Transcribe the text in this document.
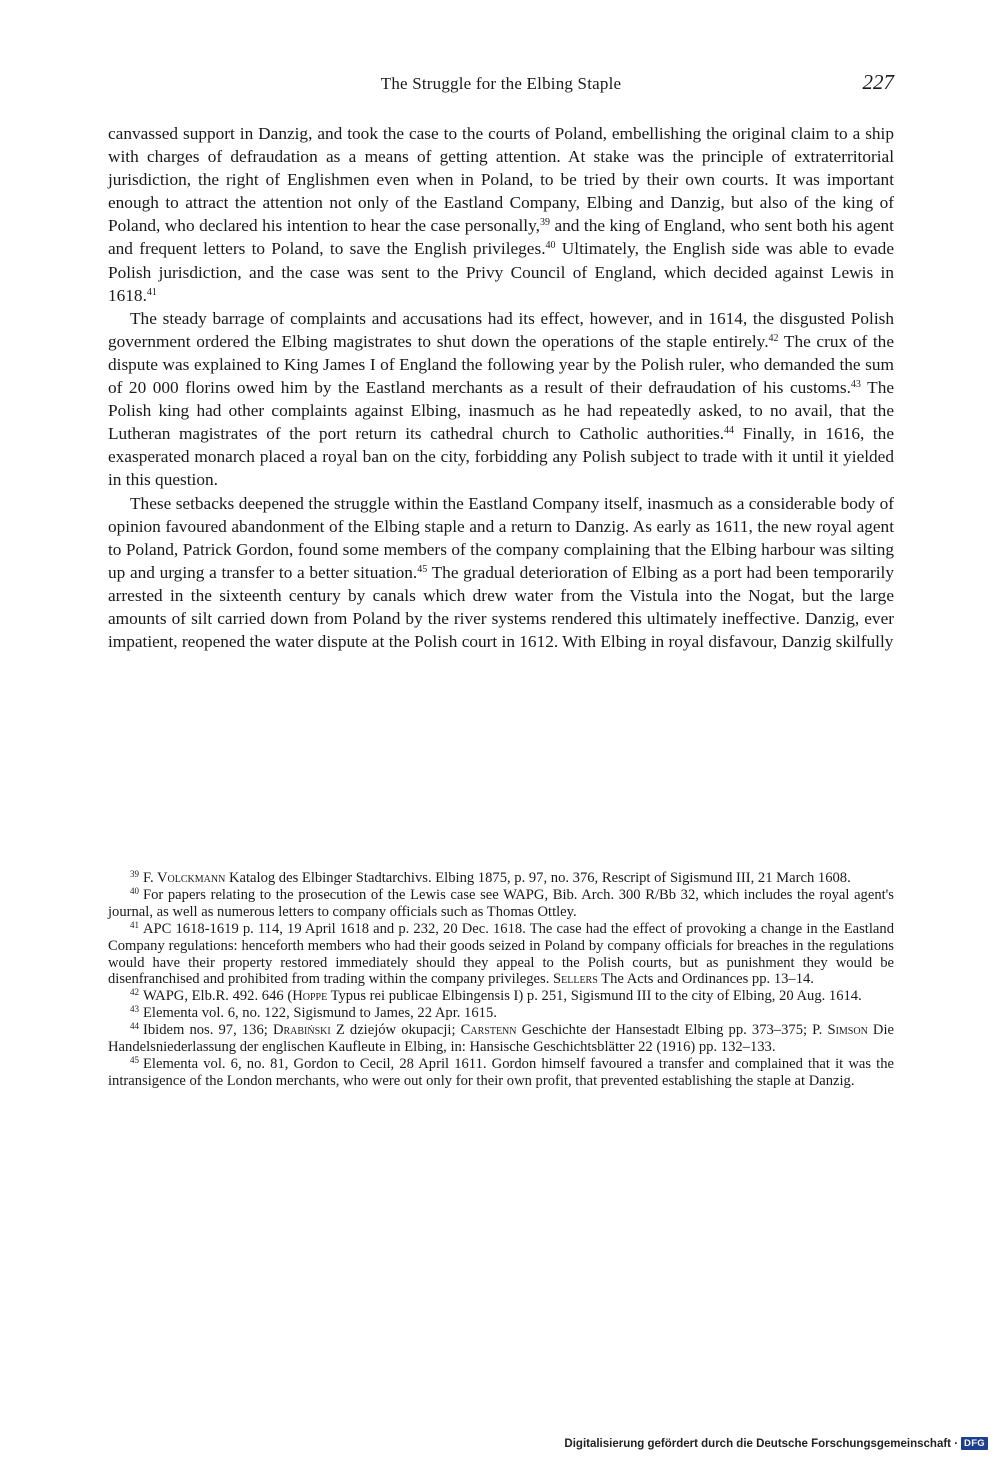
The Struggle for the Elbing Staple	227

canvassed support in Danzig, and took the case to the courts of Poland, embellishing the original claim to a ship with charges of defraudation as a means of getting attention. At stake was the principle of extraterritorial jurisdiction, the right of Englishmen even when in Poland, to be tried by their own courts. It was important enough to attract the attention not only of the Eastland Company, Elbing and Danzig, but also of the king of Poland, who declared his intention to hear the case personally,$^{39}$ and the king of England, who sent both his agent and frequent letters to Poland, to save the English privileges.$^{40}$ Ultimately, the English side was able to evade Polish jurisdiction, and the case was sent to the Privy Council of England, which decided against Lewis in 1618.41

The steady barrage of complaints and accusations had its effect, however, and in 1614, the disgusted Polish government ordered the Elbing magistrates to shut down the operations of the staple entirely.$^{42}$ The crux of the dispute was explained to King James I of England the following year by the Polish ruler, who demanded the sum of 20 000 florins owed him by the Eastland merchants as a result of their defraudation of his customs.$^{43}$ The Polish king had other complaints against Elbing, inasmuch as he had repeatedly asked, to no avail, that the Lutheran magistrates of the port return its cathedral church to Catholic authorities.$^{44}$ Finally, in 1616, the exasperated monarch placed a royal ban on the city, forbidding any Polish subject to trade with it until it yielded in this question.

These setbacks deepened the struggle within the Eastland Company itself, inasmuch as a considerable body of opinion favoured abandonment of the Elbing staple and a return to Danzig. As early as 1611, the new royal agent to Poland, Patrick Gordon, found some members of the company complaining that the Elbing harbour was silting up and urging a transfer to a better situation.$^{45}$ The gradual deterioration of Elbing as a port had been temporarily arrested in the sixteenth century by canals which drew water from the Vistula into the Nogat, but the large amounts of silt carried down from Poland by the river systems rendered this ultimately ineffective. Danzig, ever impatient, reopened the water dispute at the Polish court in 1612. With Elbing in royal disfavour, Danzig skilfully

$^{39}$ F. Volckmann Katalog des Elbinger Stadtarchivs. Elbing 1875, p. 97, no. 376, Rescript of Sigismund III, 21 March 1608.

$^{40}$ For papers relating to the prosecution of the Lewis case see WAPG, Bib. Arch. 300 R/Bb 32, which includes the royal agent's journal, as well as numerous letters to company officials such as Thomas Ottley.

$^{41}$ APC 1618-1619 p. 114, 19 April 1618 and p. 232, 20 Dec. 1618. The case had the effect of provoking a change in the Eastland Company regulations: henceforth members who had their goods seized in Poland by company officials for breaches in the regulations would have their property restored immediately should they appeal to the Polish courts, but as punishment they would be disenfranchised and prohibited from trading within the company privileges. Sellers The Acts and Ordinances pp. 13–14.

$^{42}$ WAPG, Elb.R. 492. 646 (Hoppe Typus rei publicae Elbingensis I) p. 251, Sigismund III to the city of Elbing, 20 Aug. 1614.

$^{43}$ Elementa vol. 6, no. 122, Sigismund to James, 22 Apr. 1615.

$^{44}$ Ibidem nos. 97, 136; Drabiński Z dziejów okupacji; Carstenn Geschichte der Hansestadt Elbing pp. 373–375; P. Simson Die Handelsniederlassung der englischen Kaufleute in Elbing, in: Hansische Geschichtsblätter 22 (1916) pp. 132–133.

$^{45}$ Elementa vol. 6, no. 81, Gordon to Cecil, 28 April 1611. Gordon himself favoured a transfer and complained that it was the intransigence of the London merchants, who were out only for their own profit, that prevented establishing the staple at Danzig.

Digitalisierung gefördert durch die Deutsche Forschungsgemeinschaft · DFG
